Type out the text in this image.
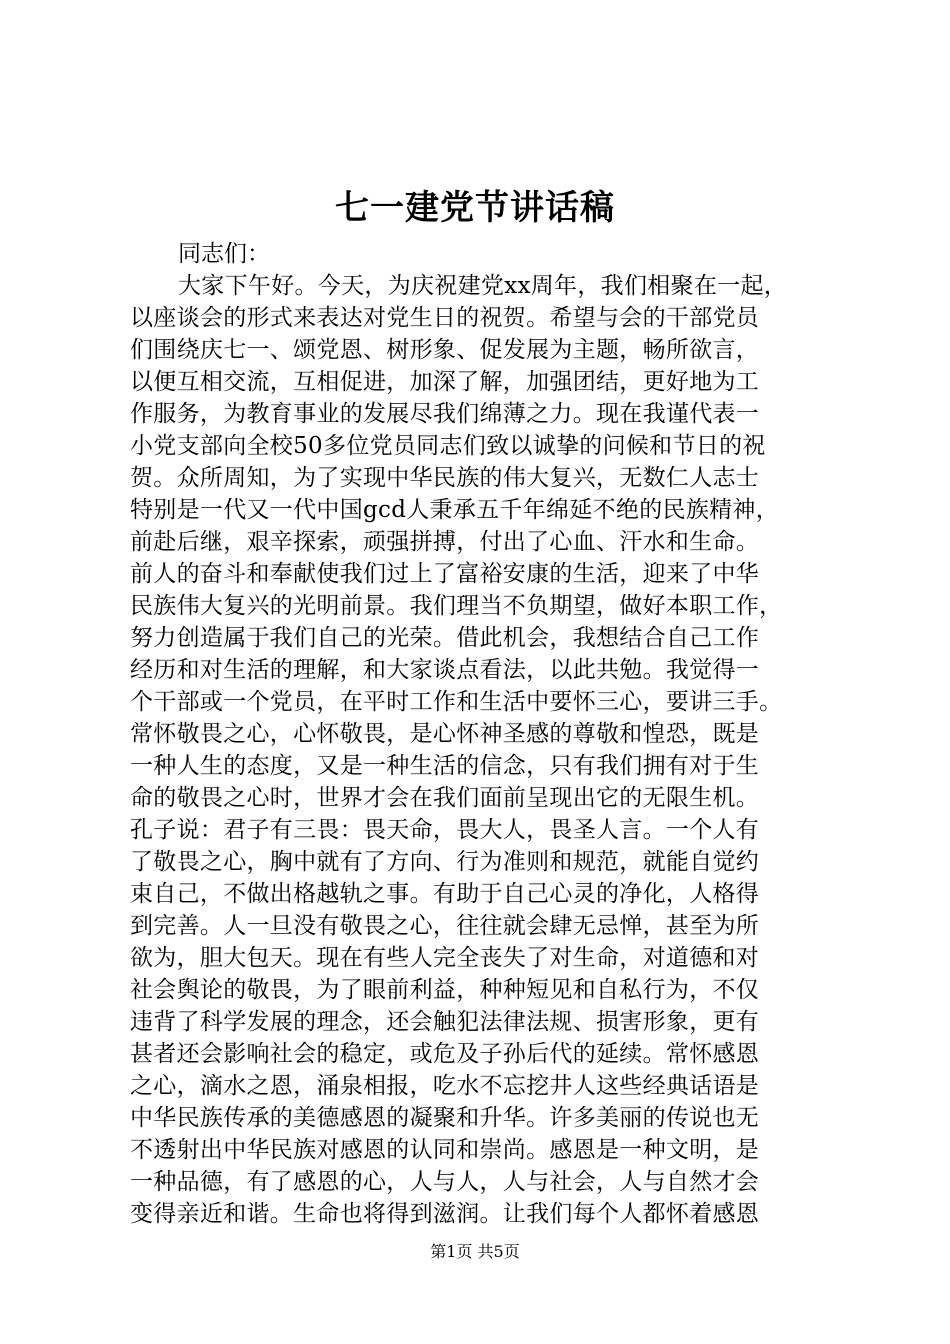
七一建党节讲话稿
同志们：
大家下午好。今天，为庆祝建党xx周年，我们相聚在一起，
以座谈会的形式来表达对党生日的祝贺。希望与会的干部党员
们围绕庆七一、颂党恩、树形象、促发展为主题，畅所欲言，
以便互相交流，互相促进，加深了解，加强团结，更好地为工
作服务，为教育事业的发展尽我们绵薄之力。现在我谨代表一
小党支部向全校50多位党员同志们致以诚挚的问候和节日的祝
贺。众所周知，为了实现中华民族的伟大复兴，无数仁人志士
特别是一代又一代中国gcd人秉承五千年绵延不绝的民族精神，
前赴后继，艰辛探索，顽强拼搏，付出了心血、汗水和生命。
前人的奋斗和奉献使我们过上了富裕安康的生活，迎来了中华
民族伟大复兴的光明前景。我们理当不负期望，做好本职工作，
努力创造属于我们自己的光荣。借此机会，我想结合自己工作
经历和对生活的理解，和大家谈点看法，以此共勉。我觉得一
个干部或一个党员，在平时工作和生活中要怀三心，要讲三手。
常怀敬畏之心，心怀敬畏，是心怀神圣感的尊敬和惶恐，既是
一种人生的态度，又是一种生活的信念，只有我们拥有对于生
命的敬畏之心时，世界才会在我们面前呈现出它的无限生机。
孔子说：君子有三畏：畏天命，畏大人，畏圣人言。一个人有
了敬畏之心，胸中就有了方向、行为准则和规范，就能自觉约
束自己，不做出格越轨之事。有助于自己心灵的净化，人格得
到完善。人一旦没有敬畏之心，往往就会肆无忌惮，甚至为所
欲为，胆大包天。现在有些人完全丧失了对生命，对道德和对
社会舆论的敬畏，为了眼前利益，种种短见和自私行为，不仅
违背了科学发展的理念，还会触犯法律法规、损害形象，更有
甚者还会影响社会的稳定，或危及子孙后代的延续。常怀感恩
之心，滴水之恩，涌泉相报，吃水不忘挖井人这些经典话语是
中华民族传承的美德感恩的凝聚和升华。许多美丽的传说也无
不透射出中华民族对感恩的认同和崇尚。感恩是一种文明，是
一种品德，有了感恩的心，人与人，人与社会，人与自然才会
变得亲近和谐。生命也将得到滋润。让我们每个人都怀着感恩
第1页 共5页
